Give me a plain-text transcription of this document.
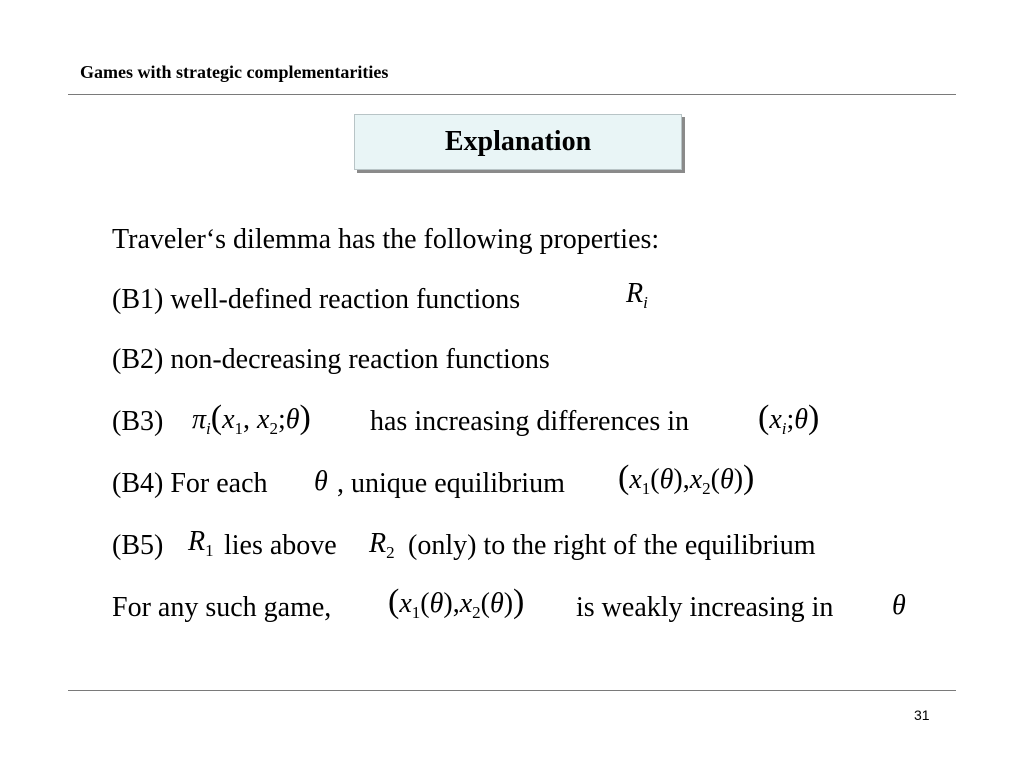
Games with strategic complementarities
Explanation
Traveler‘s dilemma has the following properties:
(B1) well-defined reaction functions	$R_i$
(B2) non-decreasing reaction functions
(B3) $\pi_i(x_1$, $x_2;\theta$) has increasing differences in $(x_i;\theta)$
(B4) For each θ , unique equilibrium $(x_1(\theta),x_2(\theta))$
(B5) $R_1$ lies above $R_2$ (only) to the right of the equilibrium
For any such game, $(x_1(\theta),x_2(\theta))$ is weakly increasing in θ
31
